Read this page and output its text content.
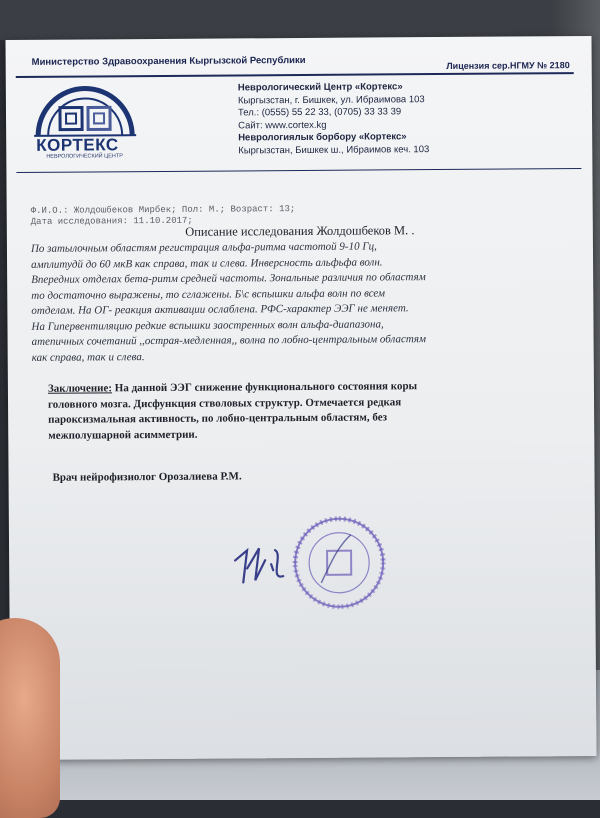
Министерство Здравоохранения Кыргызской Республики	Лицензия сер.НГМУ № 2180
КОРТЕКС
НЕВРОЛОГИЧЕСКИЙ ЦЕНТР
Неврологический Центр «Кортекс»
Кыргызстан, г. Бишкек, ул. Ибраимова 103
Тел.: (0555) 55 22 33, (0705) 33 33 39
Сайт: www.cortex.kg
Неврологиялык борбору «Кортекс»
Кыргызстан, Бишкек ш., Ибраимов кеч. 103
Ф.И.О.: Жолдошбеков Мирбек; Пол: М.; Возраст: 13;
Дата исследования: 11.10.2017;
Описание исследования Жолдошбеков М. .
По затылочным областям регистрация альфа-ритма частотой 9-10 Гц,
амплитудй до 60 мкВ как справа, так и слева. Инверсность альфьфа волн.
Впередних отделах бета-ритм средней частоты. Зональные различия по областям
то достаточно выражены, то сглажены. Б\с вспышки альфа волн по всем
отделам. На ОГ- реакция активации ослаблена. РФС-характер ЭЭГ не меняет.
На Гипервентиляцию редкие вспышки заостренных волн альфа-диапазона,
атепичных сочетаний ,,острая-медленная,, волна по лобно-центральным областям
как справа, так и слева.
Заключение: На данной ЭЭГ снижение функционального состояния коры
головного мозга. Дисфункция стволовых структур. Отмечается редкая
пароксизмальная активность, по лобно-центральным областям, без
межполушарной асимметрии.
Врач нейрофизиолог Орозалиева Р.М.
